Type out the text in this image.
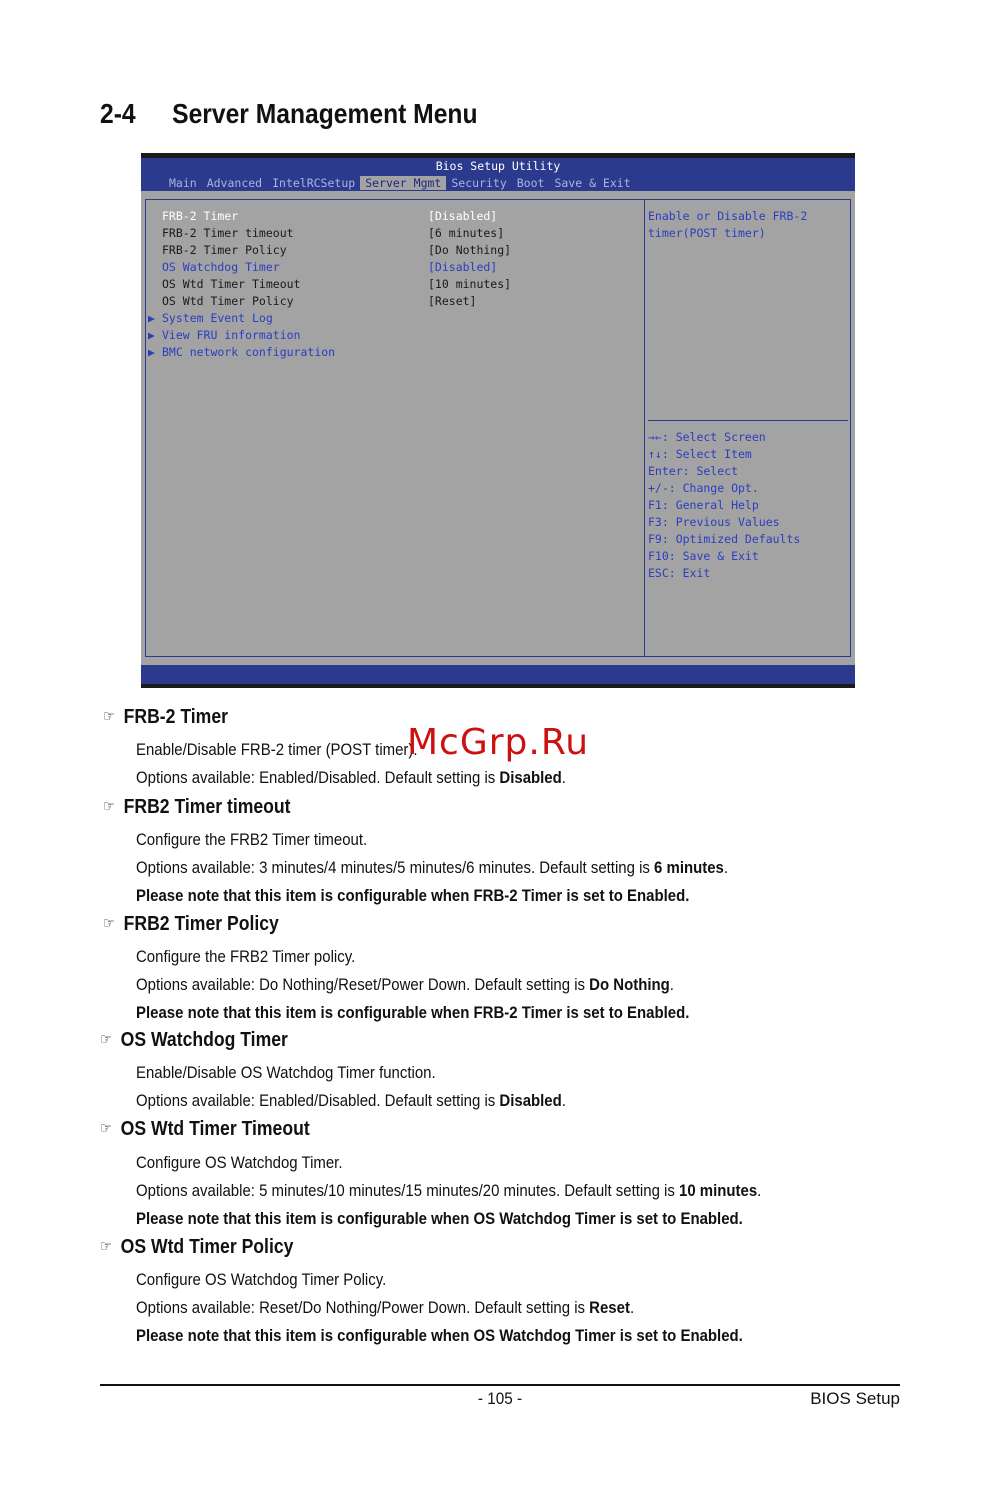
2-4 Server Management Menu
Bios Setup Utility
Main Advanced IntelRCSetup Server Mgmt Security Boot Save & Exit
FRB-2 Timer	[Disabled]
FRB-2 Timer timeout	[6 minutes]
FRB-2 Timer Policy	[Do Nothing]
OS Watchdog Timer	[Disabled]
OS Wtd Timer Timeout	[10 minutes]
OS Wtd Timer Policy	[Reset]
▶ System Event Log
▶ View FRU information
▶ BMC network configuration
Enable or Disable FRB-2
timer(POST timer)
→←: Select Screen
↑↓: Select Item
Enter: Select
+/-: Change Opt.
F1: General Help
F3: Previous Values
F9: Optimized Defaults
F10: Save & Exit
ESC: Exit
☞ FRB-2 Timer
Enable/Disable FRB-2 timer (POST timer).
Options available: Enabled/Disabled. Default setting is Disabled.
McGrp.Ru
☞ FRB2 Timer timeout
Configure the FRB2 Timer timeout.
Options available: 3 minutes/4 minutes/5 minutes/6 minutes. Default setting is 6 minutes.
Please note that this item is configurable when FRB-2 Timer is set to Enabled.
☞ FRB2 Timer Policy
Configure the FRB2 Timer policy.
Options available: Do Nothing/Reset/Power Down. Default setting is Do Nothing.
Please note that this item is configurable when FRB-2 Timer is set to Enabled.
☞ OS Watchdog Timer
Enable/Disable OS Watchdog Timer function.
Options available: Enabled/Disabled. Default setting is Disabled.
☞ OS Wtd Timer Timeout
Configure OS Watchdog Timer.
Options available: 5 minutes/10 minutes/15 minutes/20 minutes. Default setting is 10 minutes.
Please note that this item is configurable when OS Watchdog Timer is set to Enabled.
☞ OS Wtd Timer Policy
Configure OS Watchdog Timer Policy.
Options available: Reset/Do Nothing/Power Down. Default setting is Reset.
Please note that this item is configurable when OS Watchdog Timer is set to Enabled.
- 105 -	BIOS Setup
